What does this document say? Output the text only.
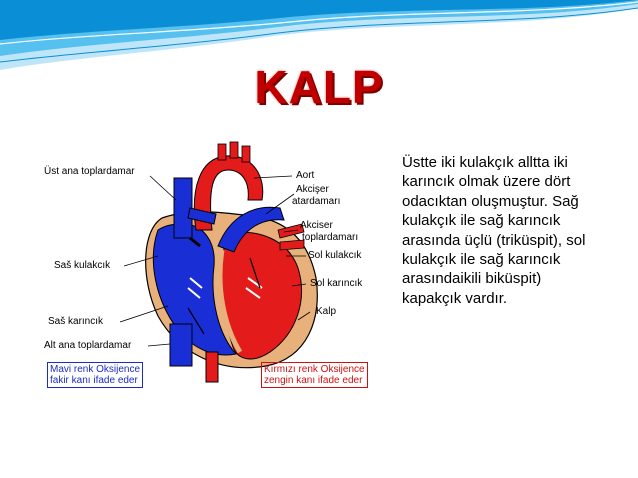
KALP
Üst ana toplardamar	Aort
Akcişer
atardamarı
Akciser
toplardamarı
Saš kulakcık
Sol kulakcık
Sol karıncık
Saš karıncık
Kalp
Alt ana toplardamar
Mavi renk Oksijence
fakir kanı ifade eder
Kırmızı renk Oksijence
zengin kanı ifade eder

Üstte iki kulakçık alltta iki karıncık olmak üzere dört odacıktan oluşmuştur. Sağ kulakçık ile sağ karıncık arasında üçlü (triküspit), sol kulakçık ile sağ karıncık arasındaikili biküspit) kapakçık vardır.
